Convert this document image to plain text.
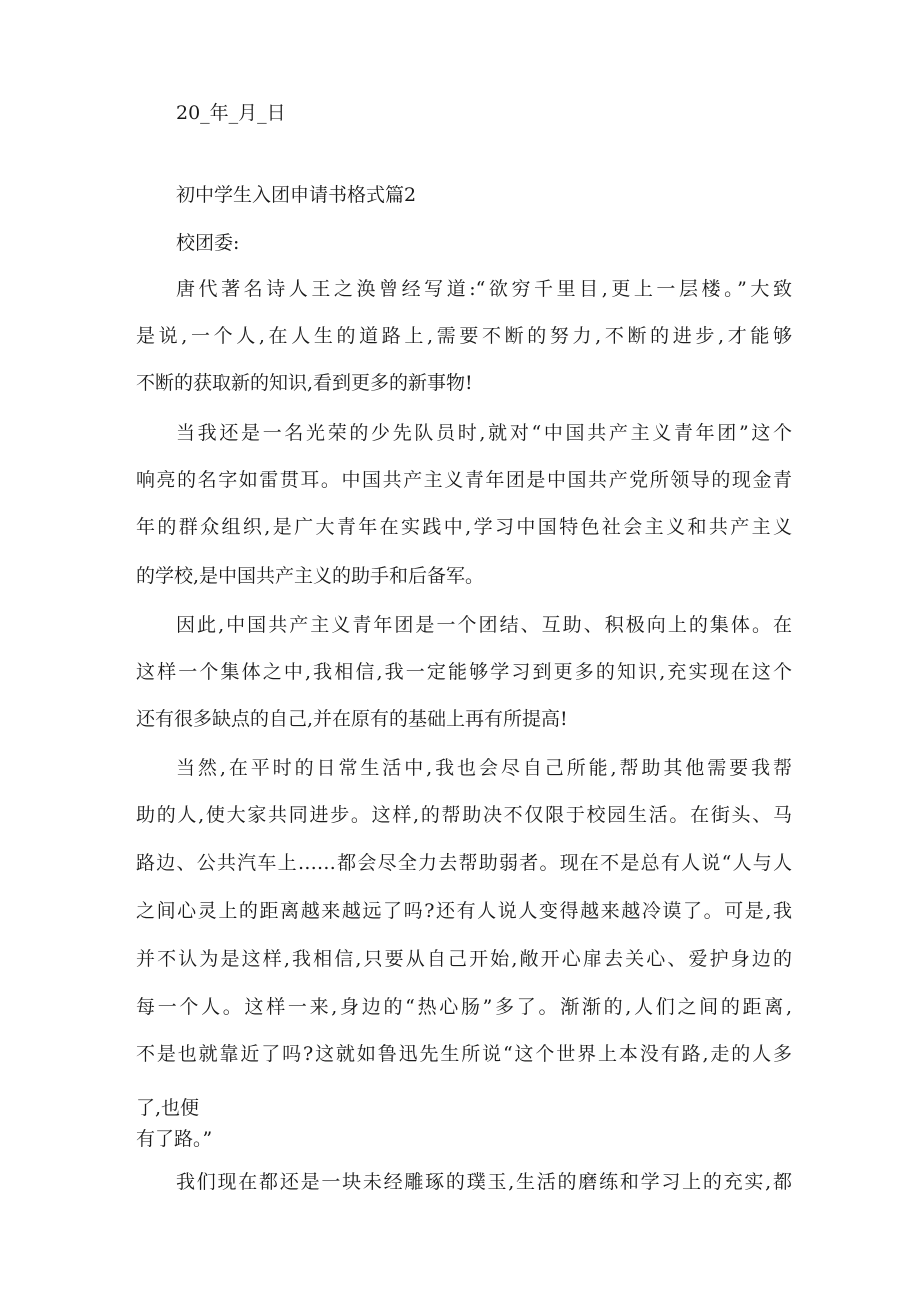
20_年_月_日
初中学生入团申请书格式篇2
校团委:
唐代著名诗人王之涣曾经写道:“欲穷千里目,更上一层楼。”大致
是说,一个人,在人生的道路上,需要不断的努力,不断的进步,才能够
不断的获取新的知识,看到更多的新事物!
当我还是一名光荣的少先队员时,就对“中国共产主义青年团”这个
响亮的名字如雷贯耳。中国共产主义青年团是中国共产党所领导的现金青
年的群众组织,是广大青年在实践中,学习中国特色社会主义和共产主义
的学校,是中国共产主义的助手和后备军。
因此,中国共产主义青年团是一个团结、互助、积极向上的集体。在
这样一个集体之中,我相信,我一定能够学习到更多的知识,充实现在这个
还有很多缺点的自己,并在原有的基础上再有所提高!
当然,在平时的日常生活中,我也会尽自己所能,帮助其他需要我帮
助的人,使大家共同进步。这样,的帮助决不仅限于校园生活。在街头、马
路边、公共汽车上……都会尽全力去帮助弱者。现在不是总有人说“人与人
之间心灵上的距离越来越远了吗?还有人说人变得越来越冷谟了。可是,我
并不认为是这样,我相信,只要从自己开始,敞开心扉去关心、爱护身边的
每一个人。这样一来,身边的“热心肠”多了。渐渐的,人们之间的距离,
不是也就靠近了吗?这就如鲁迅先生所说“这个世界上本没有路,走的人多
了,也便
有了路。”
我们现在都还是一块未经雕琢的璞玉,生活的磨练和学习上的充实,都
